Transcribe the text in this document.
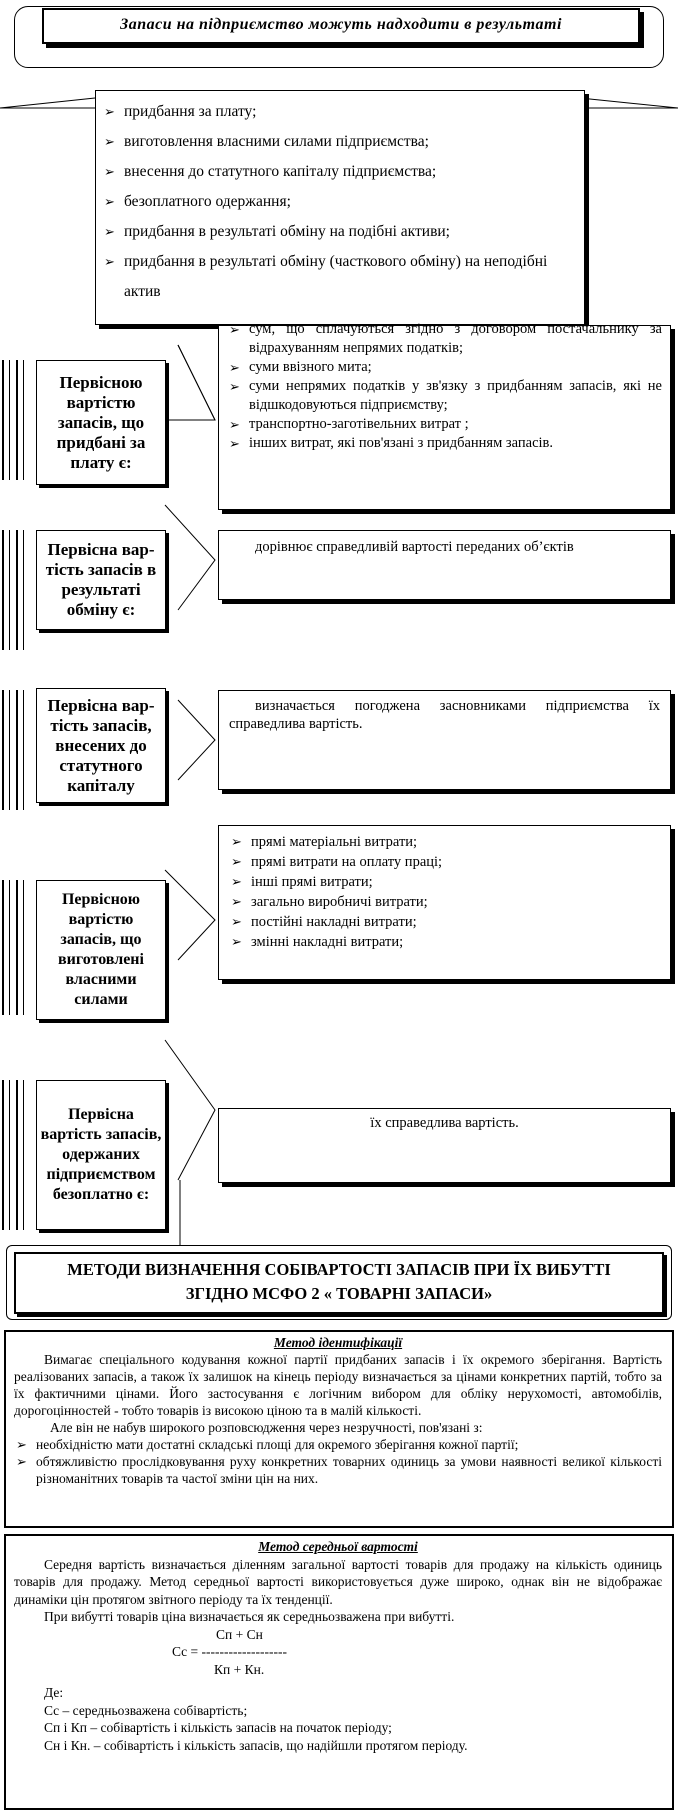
Запаси на підприємство можуть надходити в результаті
➢ придбання за плату;
➢ виготовлення власними силами підприємства;
➢ внесення до статутного капіталу підприємства;
➢ безоплатного одержання;
➢ придбання в результаті обміну на подібні активи;
➢ придбання в результаті обміну (часткового обміну) на неподібні актив
Первісною вартістю запасів, що придбані за плату є:
➢ сум, що сплачуються згідно з договором постачальнику за відрахуванням непрямих податків;
➢ суми ввізного мита;
➢ суми непрямих податків у зв'язку з придбанням запасів, які не відшкодовуються підприємству;
➢ транспортно-заготівельних витрат ;
➢ інших витрат, які пов'язані з придбанням запасів.
Первісна вар-тість запасів в результаті обміну є:
дорівнює справедливій вартості переданих об’єктів
Первісна вар-тість запасів, внесених до статутного капіталу
визначається погоджена засновниками підприємства їх справедлива вартість.
Первісною вартістю запасів, що виготовлені власними силами
➢ прямі матеріальні витрати;
➢ прямі витрати на оплату праці;
➢ інші прямі витрати;
➢ загально виробничі витрати;
➢ постійні накладні витрати;
➢ змінні накладні витрати;
Первісна вартість запасів, одержаних підприємством безоплатно є:
їх справедлива вартість.
МЕТОДИ ВИЗНАЧЕННЯ СОБІВАРТОСТІ ЗАПАСІВ ПРИ ЇХ ВИБУТТІ ЗГІДНО МСФО 2 « ТОВАРНІ ЗАПАСИ»
Метод ідентифікації
Вимагає спеціального кодування кожної партії придбаних запасів і їх окремого зберігання. Вартість реалізованих запасів, а також їх залишок на кінець періоду визначається за цінами конкретних партій, тобто за їх фактичними цінами. Його застосування є логічним вибором для обліку нерухомості, автомобілів, дорогоцінностей - тобто товарів із високою ціною та в малій кількості.
Але він не набув широкого розповсюдження через незручності, пов'язані з:
➢ необхідністю мати достатні складські площі для окремого зберігання кожної партії;
➢ обтяжливістю прослідковування руху конкретних товарних одиниць за умови наявності великої кількості різноманітних товарів та частої зміни цін на них.
Метод середньої вартості
Середня вартість визначається діленням загальної вартості товарів для продажу на кількість одиниць товарів для продажу. Метод середньої вартості використовується дуже широко, однак він не відображає динаміки цін протягом звітного періоду та їх тенденції.
При вибутті товарів ціна визначається як середньозважена при вибутті.
Сп + Сн
Сс = -------------------
Кп + Кн.
Де:
Сс – середньозважена собівартість;
Сп і Кп – собівартість і кількість запасів на початок періоду;
Сн і Кн. – собівартість і кількість запасів, що надійшли протягом періоду.
